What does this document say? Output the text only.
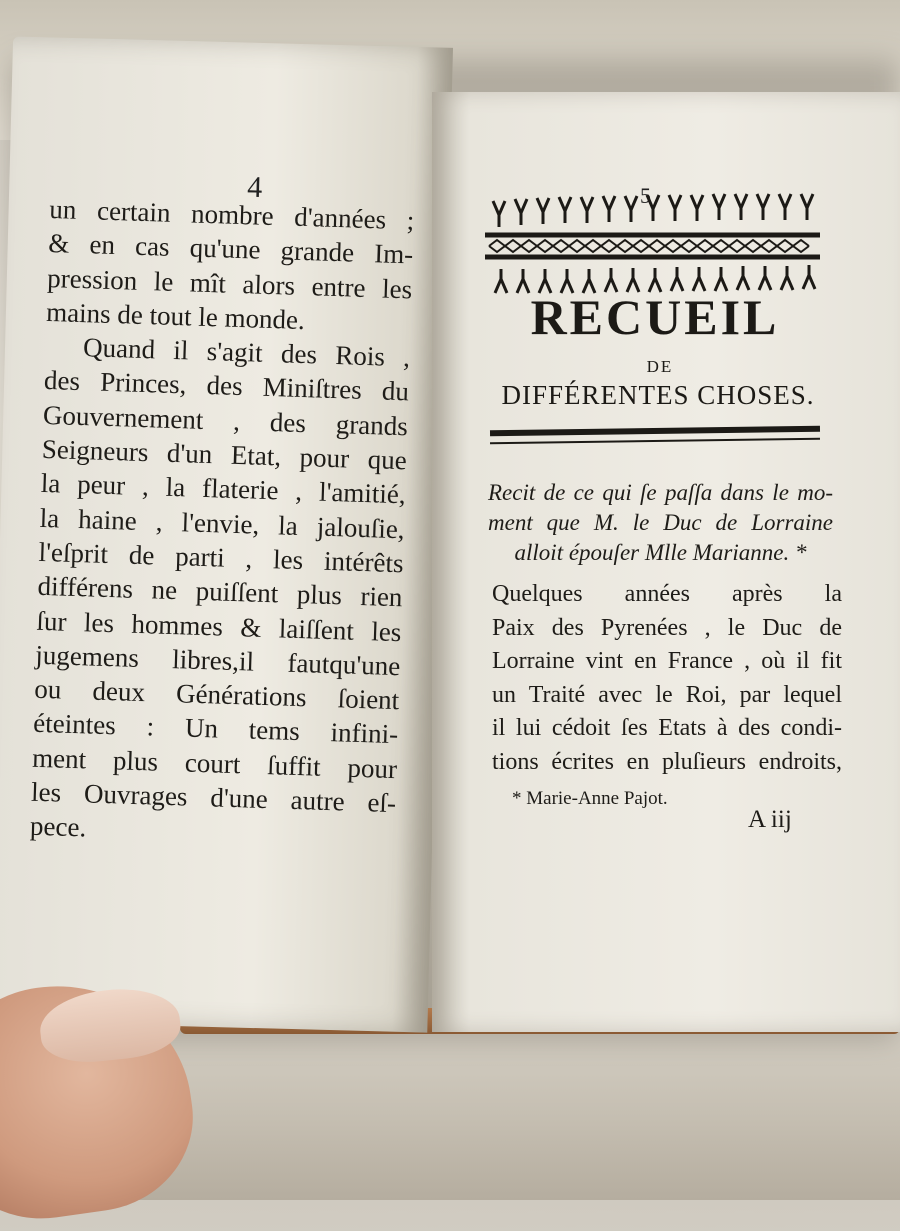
4
un certain nombre d'années ;
& en cas qu'une grande Im-
pression le mît alors entre les
mains de tout le monde.
Quand il s'agit des Rois ,
des Princes, des Miniſtres du
Gouvernement , des grands
Seigneurs d'un Etat, pour que
la peur , la flaterie , l'amitié,
la haine , l'envie, la jalouſie,
l'eſprit de parti , les intérêts
différens ne puiſſent plus rien
ſur les hommes & laiſſent les
jugemens libres,il fautqu'une
ou deux Générations ſoient
éteintes : Un tems infini-
ment plus court ſuffit pour
les Ouvrages d'une autre eſ-
pece.
5
RECUEIL
DE
DIFFÉRENTES CHOSES.
Recit de ce qui ſe paſſa dans le mo-
ment que M. le Duc de Lorraine
alloit épouſer Mlle Marianne. *
Quelques années après la
Paix des Pyrenées , le Duc de
Lorraine vint en France , où il fit
un Traité avec le Roi, par lequel
il lui cédoit ſes Etats à des condi-
tions écrites en pluſieurs endroits,
* Marie-Anne Pajot.
A iij
